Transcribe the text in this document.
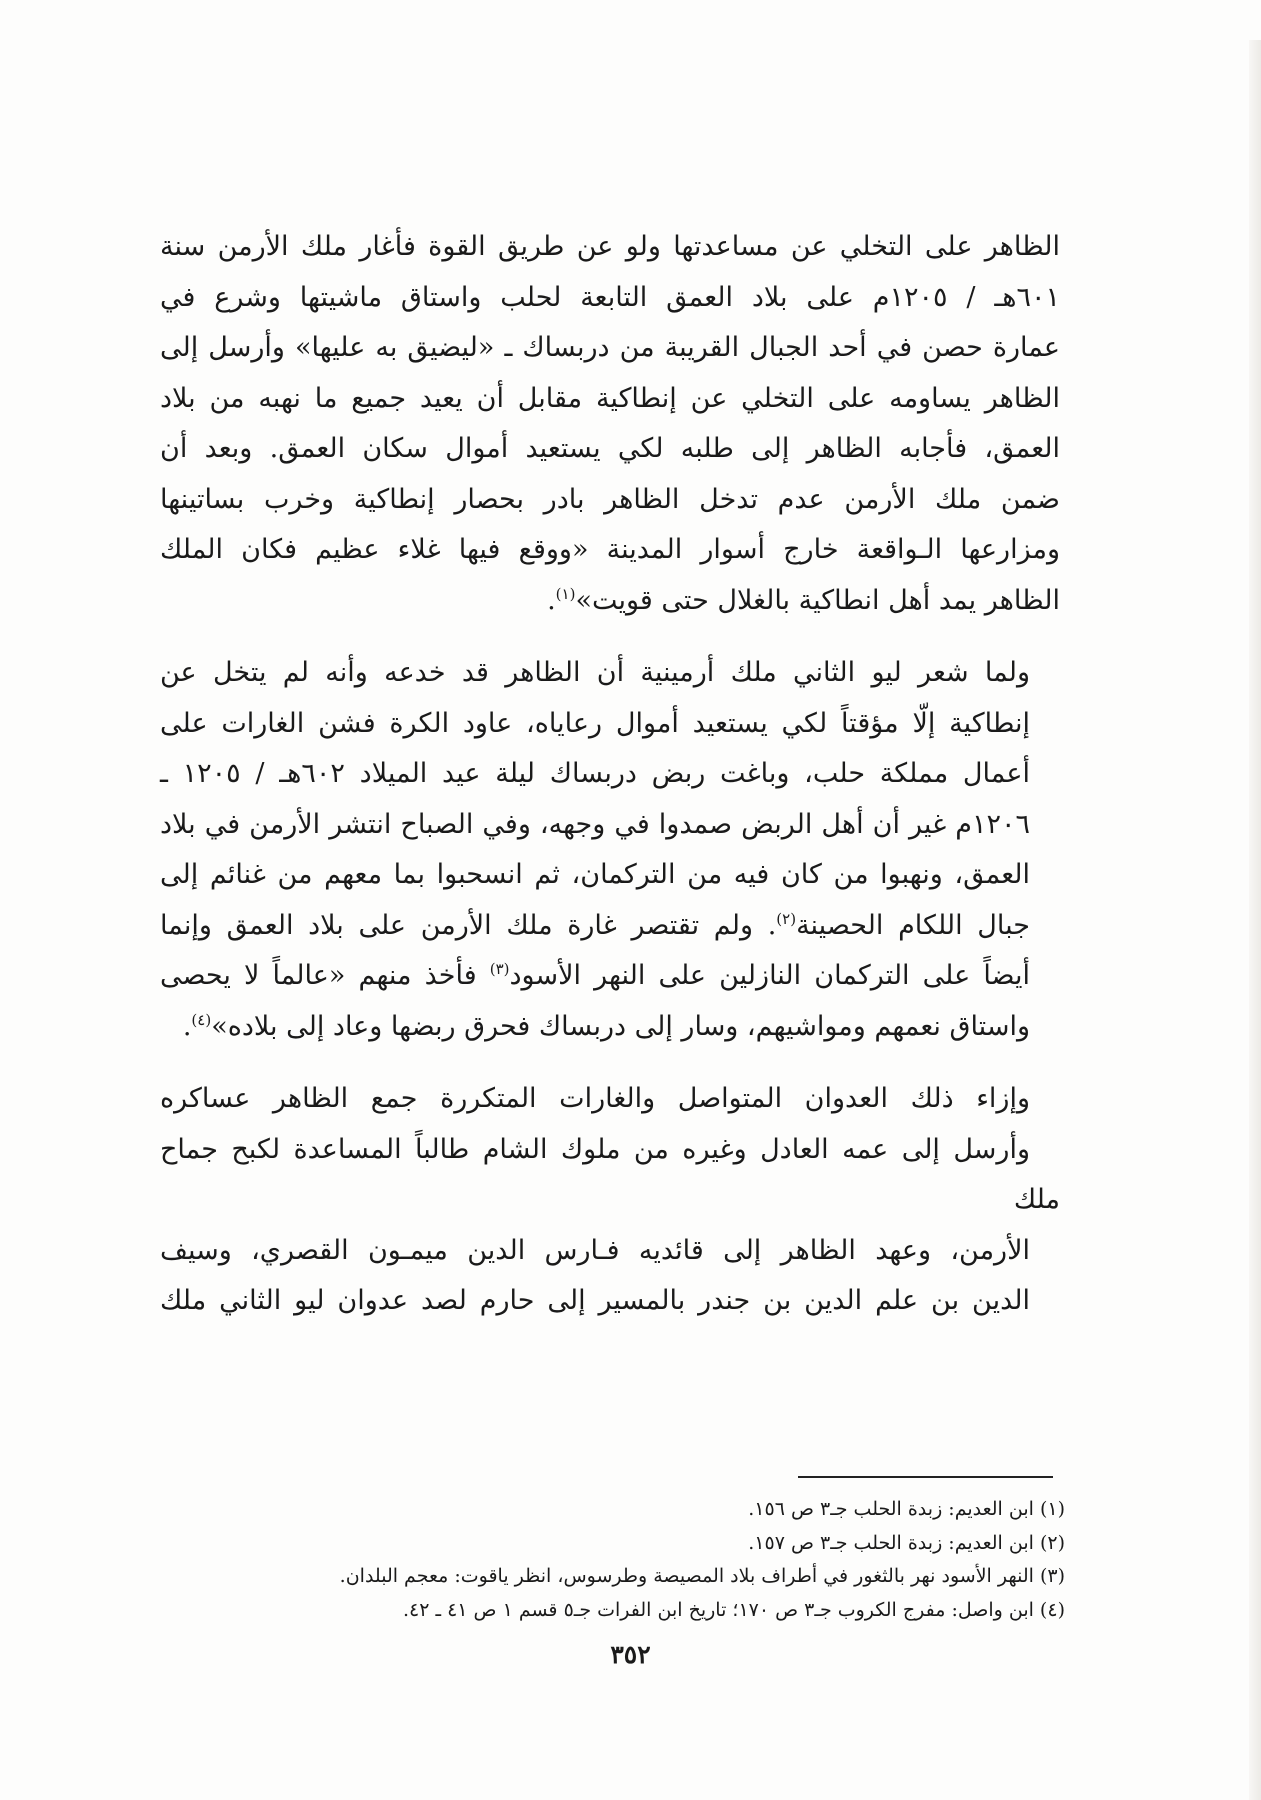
الظاهر على التخلي عن مساعدتها ولو عن طريق القوة فأغار ملك الأرمن سنة
٦٠١هـ / ١٢٠٥م على بلاد العمق التابعة لحلب واستاق ماشيتها وشرع في
عمارة حصن في أحد الجبال القريبة من دربساك ـ «ليضيق به عليها» وأرسل إلى
الظاهر يساومه على التخلي عن إنطاكية مقابل أن يعيد جميع ما نهبه من بلاد
العمق، فأجابه الظاهر إلى طلبه لكي يستعيد أموال سكان العمق. وبعد أن
ضمن ملك الأرمن عدم تدخل الظاهر بادر بحصار إنطاكية وخرب بساتينها
ومزارعها الـواقعة خارج أسوار المدينة «ووقع فيها غلاء عظيم فكان الملك
الظاهر يمد أهل انطاكية بالغلال حتى قويت»$^{(١)}$.

ولما شعر ليو الثاني ملك أرمينية أن الظاهر قد خدعه وأنه لم يتخل عن
إنطاكية إلّا مؤقتاً لكي يستعيد أموال رعاياه، عاود الكرة فشن الغارات على
أعمال مملكة حلب، وباغت ربض دربساك ليلة عيد الميلاد ٦٠٢هـ / ١٢٠٥ ـ
١٢٠٦م غير أن أهل الربض صمدوا في وجهه، وفي الصباح انتشر الأرمن في بلاد
العمق، ونهبوا من كان فيه من التركمان، ثم انسحبوا بما معهم من غنائم إلى
جبال اللكام الحصينة$^{(٢)}$. ولم تقتصر غارة ملك الأرمن على بلاد العمق وإنما
أيضاً على التركمان النازلين على النهر الأسود$^{(٣)}$ فأخذ منهم «عالماً لا يحصى
واستاق نعمهم ومواشيهم، وسار إلى دربساك فحرق ربضها وعاد إلى بلاده»$^{(٤)}$.

وإزاء ذلك العدوان المتواصل والغارات المتكررة جمع الظاهر عساكره
وأرسل إلى عمه العادل وغيره من ملوك الشام طالباً المساعدة لكبح جماح ملك
الأرمن، وعهد الظاهر إلى قائديه فـارس الدين ميمـون القصري، وسيف
الدين بن علم الدين بن جندر بالمسير إلى حارم لصد عدوان ليو الثاني ملك

(١) ابن العديم: زبدة الحلب جـ٣ ص ١٥٦.
(٢) ابن العديم: زبدة الحلب جـ٣ ص ١٥٧.
(٣) النهر الأسود نهر بالثغور في أطراف بلاد المصيصة وطرسوس، انظر ياقوت: معجم البلدان.
(٤) ابن واصل: مفرج الكروب جـ٣ ص ١٧٠؛ تاريخ ابن الفرات جـ٥ قسم ١ ص ٤١ ـ ٤٢.
٣٥٢
